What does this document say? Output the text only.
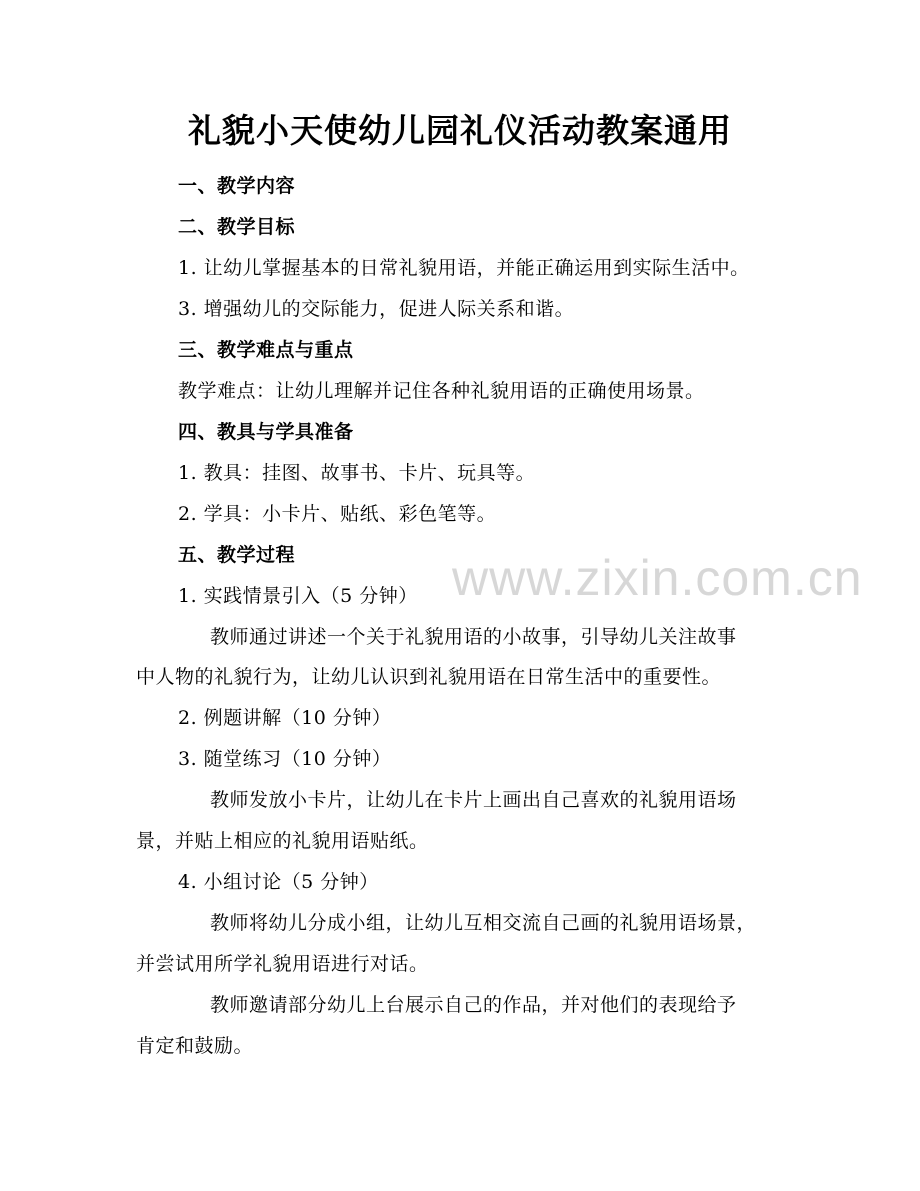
礼貌小天使幼儿园礼仪活动教案通用
一、教学内容
二、教学目标
1. 让幼儿掌握基本的日常礼貌用语，并能正确运用到实际生活中。
3. 增强幼儿的交际能力，促进人际关系和谐。
三、教学难点与重点
教学难点：让幼儿理解并记住各种礼貌用语的正确使用场景。
四、教具与学具准备
1. 教具：挂图、故事书、卡片、玩具等。
2. 学具：小卡片、贴纸、彩色笔等。
五、教学过程
1. 实践情景引入（5 分钟）
教师通过讲述一个关于礼貌用语的小故事，引导幼儿关注故事
中人物的礼貌行为，让幼儿认识到礼貌用语在日常生活中的重要性。
2. 例题讲解（10 分钟）
3. 随堂练习（10 分钟）
教师发放小卡片，让幼儿在卡片上画出自己喜欢的礼貌用语场
景，并贴上相应的礼貌用语贴纸。
4. 小组讨论（5 分钟）
教师将幼儿分成小组，让幼儿互相交流自己画的礼貌用语场景，
并尝试用所学礼貌用语进行对话。
教师邀请部分幼儿上台展示自己的作品，并对他们的表现给予
肯定和鼓励。
www.zixin.com.cn
